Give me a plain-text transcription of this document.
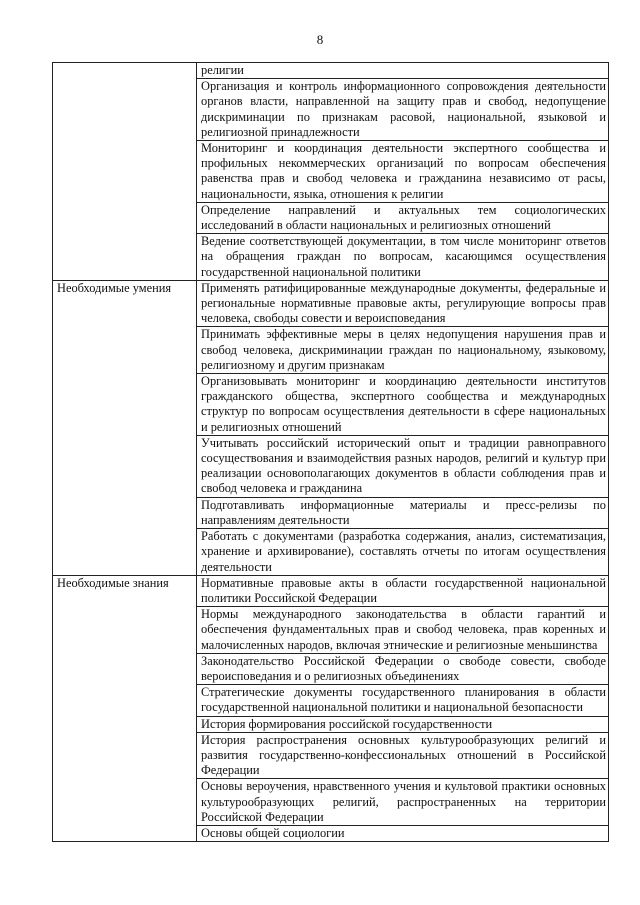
8
	религии
	Организация и контроль информационного сопровождения деятельности органов власти, направленной на защиту прав и свобод, недопущение дискриминации по признакам расовой, национальной, языковой и религиозной принадлежности
	Мониторинг и координация деятельности экспертного сообщества и профильных некоммерческих организаций по вопросам обеспечения равенства прав и свобод человека и гражданина независимо от расы, национальности, языка, отношения к религии
	Определение направлений и актуальных тем социологических исследований в области национальных и религиозных отношений
	Ведение соответствующей документации, в том числе мониторинг ответов на обращения граждан по вопросам, касающимся осуществления государственной национальной политики
Необходимые умения	Применять ратифицированные международные документы, федеральные и региональные нормативные правовые акты, регулирующие вопросы прав человека, свободы совести и вероисповедания
	Принимать эффективные меры в целях недопущения нарушения прав и свобод человека, дискриминации граждан по национальному, языковому, религиозному и другим признакам
	Организовывать мониторинг и координацию деятельности институтов гражданского общества, экспертного сообщества и международных структур по вопросам осуществления деятельности в сфере национальных и религиозных отношений
	Учитывать российский исторический опыт и традиции равноправного сосуществования и взаимодействия разных народов, религий и культур при реализации основополагающих документов в области соблюдения прав и свобод человека и гражданина
	Подготавливать информационные материалы и пресс-релизы по направлениям деятельности
	Работать с документами (разработка содержания, анализ, систематизация, хранение и архивирование), составлять отчеты по итогам осуществления деятельности
Необходимые знания	Нормативные правовые акты в области государственной национальной политики Российской Федерации
	Нормы международного законодательства в области гарантий и обеспечения фундаментальных прав и свобод человека, прав коренных и малочисленных народов, включая этнические и религиозные меньшинства
	Законодательство Российской Федерации о свободе совести, свободе вероисповедания и о религиозных объединениях
	Стратегические документы государственного планирования в области государственной национальной политики и национальной безопасности
	История формирования российской государственности
	История распространения основных культурообразующих религий и развития государственно-конфессиональных отношений в Российской Федерации
	Основы вероучения, нравственного учения и культовой практики основных культурообразующих религий, распространенных на территории Российской Федерации
	Основы общей социологии
